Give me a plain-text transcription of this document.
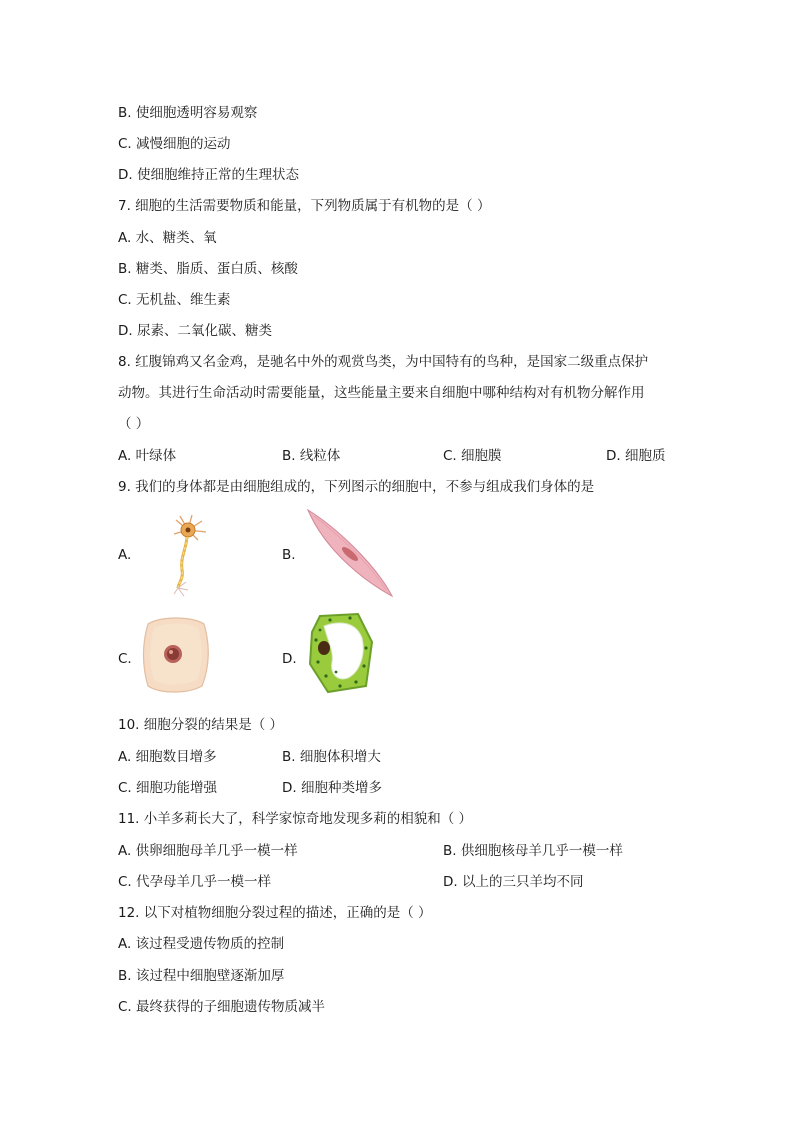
B. 使细胞透明容易观察
C. 减慢细胞的运动
D. 使细胞维持正常的生理状态
7. 细胞的生活需要物质和能量，下列物质属于有机物的是（ ）
A. 水、糖类、氧
B. 糖类、脂质、蛋白质、核酸
C. 无机盐、维生素
D. 尿素、二氧化碳、糖类
8. 红腹锦鸡又名金鸡，是驰名中外的观赏鸟类，为中国特有的鸟种，是国家二级重点保护
动物。其进行生命活动时需要能量，这些能量主要来自细胞中哪种结构对有机物分解作用
（ ）
A. 叶绿体	B. 线粒体	C. 细胞膜	D. 细胞质
9. 我们的身体都是由细胞组成的，下列图示的细胞中，不参与组成我们身体的是
A.	B.
C.	D.
10. 细胞分裂的结果是（ ）
A. 细胞数目增多	B. 细胞体积增大
C. 细胞功能增强	D. 细胞种类增多
11. 小羊多莉长大了，科学家惊奇地发现多莉的相貌和（ ）
A. 供卵细胞母羊几乎一模一样	B. 供细胞核母羊几乎一模一样
C. 代孕母羊几乎一模一样	D. 以上的三只羊均不同
12. 以下对植物细胞分裂过程的描述，正确的是（ ）
A. 该过程受遗传物质的控制
B. 该过程中细胞壁逐渐加厚
C. 最终获得的子细胞遗传物质减半
